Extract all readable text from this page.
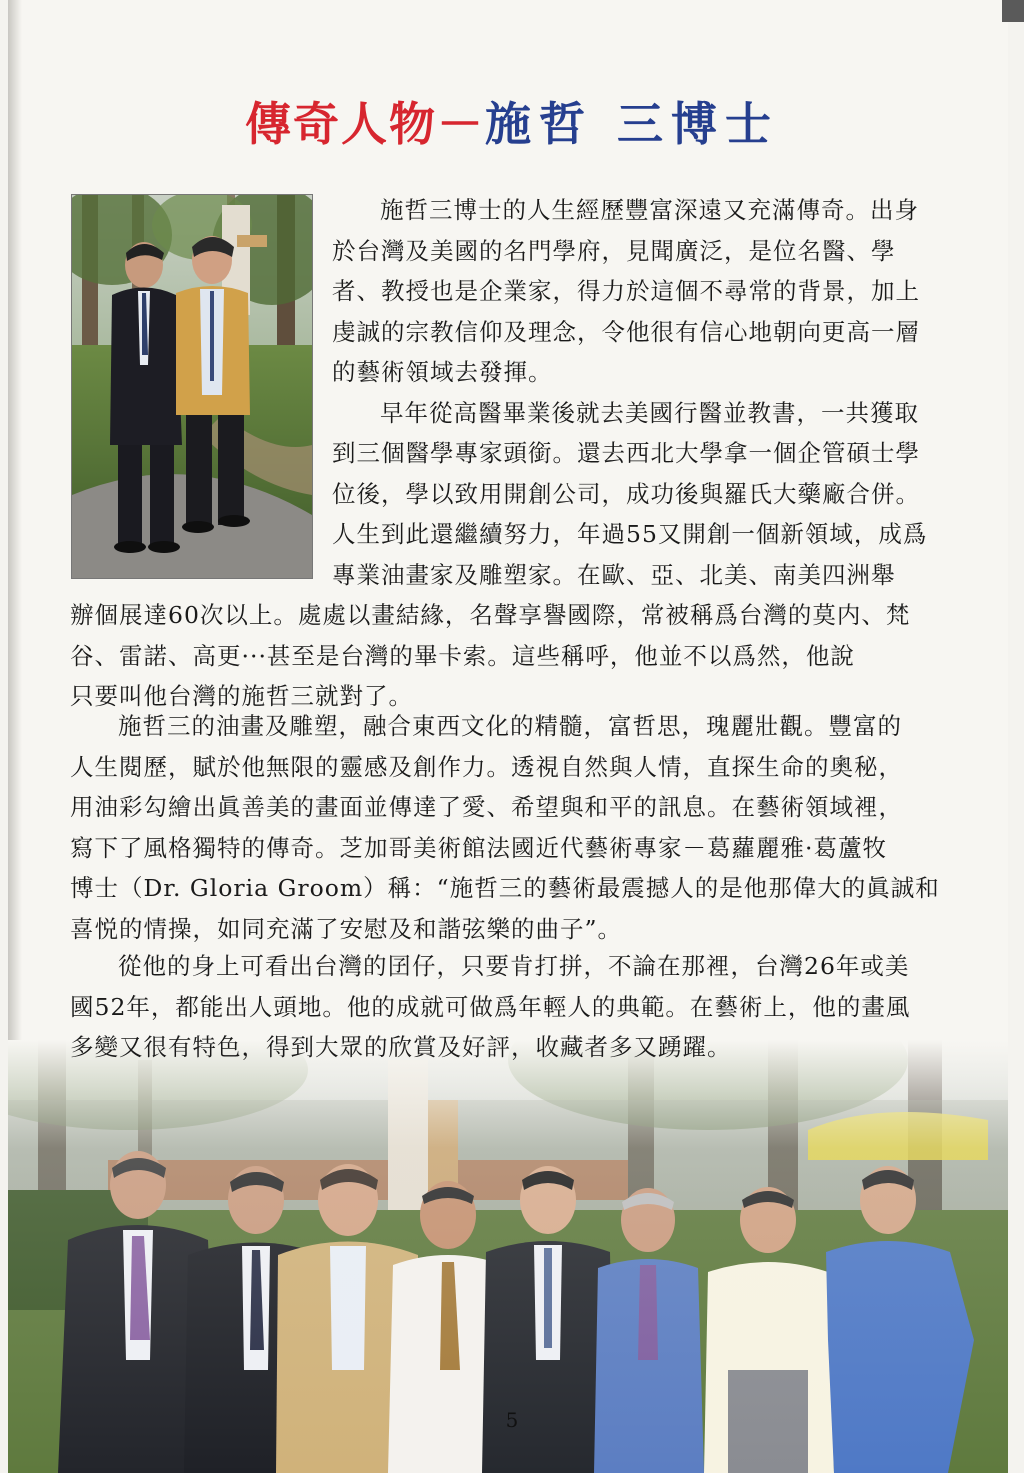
傳奇人物－施哲 三博士

施哲三博士的人生經歷豐富深遠又充滿傳奇。出身

於台灣及美國的名門學府，見聞廣泛，是位名醫、學

者、教授也是企業家，得力於這個不尋常的背景，加上

虔誠的宗教信仰及理念，令他很有信心地朝向更高一層

的藝術領域去發揮。

早年從高醫畢業後就去美國行醫並教書，一共獲取

到三個醫學專家頭銜。還去西北大學拿一個企管碩士學

位後，學以致用開創公司，成功後與羅氏大藥廠合併。

人生到此還繼續努力，年過55又開創一個新領域，成爲

專業油畫家及雕塑家。在歐、亞、北美、南美四洲舉

辦個展達60次以上。處處以畫結緣，名聲享譽國際，常被稱爲台灣的莫内、梵

谷、雷諾、高更···甚至是台灣的畢卡索。這些稱呼，他並不以爲然，他說

只要叫他台灣的施哲三就對了。

施哲三的油畫及雕塑，融合東西文化的精髓，富哲思，瑰麗壯觀。豐富的

人生閱歷，賦於他無限的靈感及創作力。透視自然與人情，直探生命的奧秘，

用油彩勾繪出眞善美的畫面並傳達了愛、希望與和平的訊息。在藝術領域裡，

寫下了風格獨特的傳奇。芝加哥美術館法國近代藝術專家－葛蘿麗雅·葛蘆牧

博士（Dr. Gloria Groom）稱：“施哲三的藝術最震撼人的是他那偉大的眞誠和

喜悦的情操，如同充滿了安慰及和諧弦樂的曲子”。

從他的身上可看出台灣的囝仔，只要肯打拼，不論在那裡，台灣26年或美

國52年，都能出人頭地。他的成就可做爲年輕人的典範。在藝術上，他的畫風

多變又很有特色，得到大眾的欣賞及好評，收藏者多又踴躍。

5
